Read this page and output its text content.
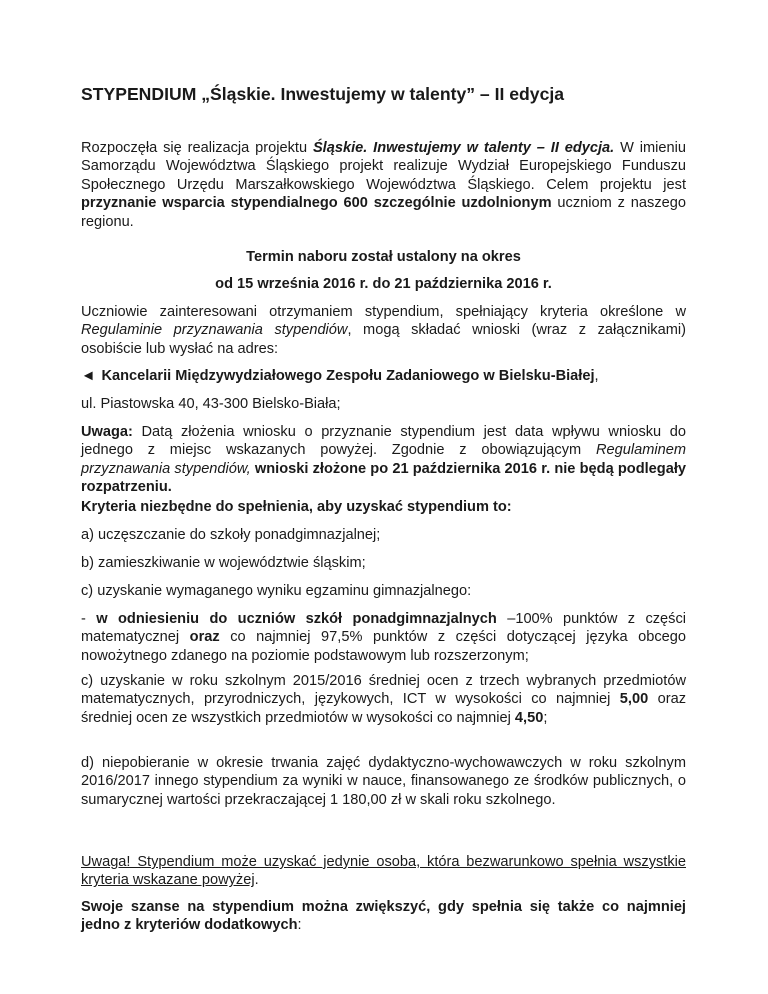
STYPENDIUM „Śląskie. Inwestujemy w talenty” – II edycja

Rozpoczęła się realizacja projektu Śląskie. Inwestujemy w talenty – II edycja. W imieniu Samorządu Województwa Śląskiego projekt realizuje Wydział Europejskiego Funduszu Społecznego Urzędu Marszałkowskiego Województwa Śląskiego. Celem projektu jest przyznanie wsparcia stypendialnego 600 szczególnie uzdolnionym uczniom z naszego regionu.

Termin naboru został ustalony na okres

od 15 września 2016 r. do 21 października 2016 r.

Uczniowie zainteresowani otrzymaniem stypendium, spełniający kryteria określone w Regulaminie przyznawania stypendiów, mogą składać wnioski (wraz z załącznikami) osobiście lub wysłać na adres:

◄ Kancelarii Międzywydziałowego Zespołu Zadaniowego w Bielsku-Białej,

ul. Piastowska 40, 43-300 Bielsko-Biała;

Uwaga: Datą złożenia wniosku o przyznanie stypendium jest data wpływu wniosku do jednego z miejsc wskazanych powyżej. Zgodnie z obowiązującym Regulaminem przyznawania stypendiów, wnioski złożone po 21 października 2016 r. nie będą podlegały rozpatrzeniu.

Kryteria niezbędne do spełnienia, aby uzyskać stypendium to:

a) uczęszczanie do szkoły ponadgimnazjalnej;

b) zamieszkiwanie w województwie śląskim;

c) uzyskanie wymaganego wyniku egzaminu gimnazjalnego:

- w odniesieniu do uczniów szkół ponadgimnazjalnych –100% punktów z części matematycznej oraz co najmniej 97,5% punktów z części dotyczącej języka obcego nowożytnego zdanego na poziomie podstawowym lub rozszerzonym;

c) uzyskanie w roku szkolnym 2015/2016 średniej ocen z trzech wybranych przedmiotów matematycznych, przyrodniczych, językowych, ICT w wysokości co najmniej 5,00 oraz średniej ocen ze wszystkich przedmiotów w wysokości co najmniej 4,50;

d) niepobieranie w okresie trwania zajęć dydaktyczno-wychowawczych w roku szkolnym 2016/2017 innego stypendium za wyniki w nauce, finansowanego ze środków publicznych, o sumarycznej wartości przekraczającej 1 180,00 zł w skali roku szkolnego.

Uwaga! Stypendium może uzyskać jedynie osoba, która bezwarunkowo spełnia wszystkie kryteria wskazane powyżej.

Swoje szanse na stypendium można zwiększyć, gdy spełnia się także co najmniej jedno z kryteriów dodatkowych:
